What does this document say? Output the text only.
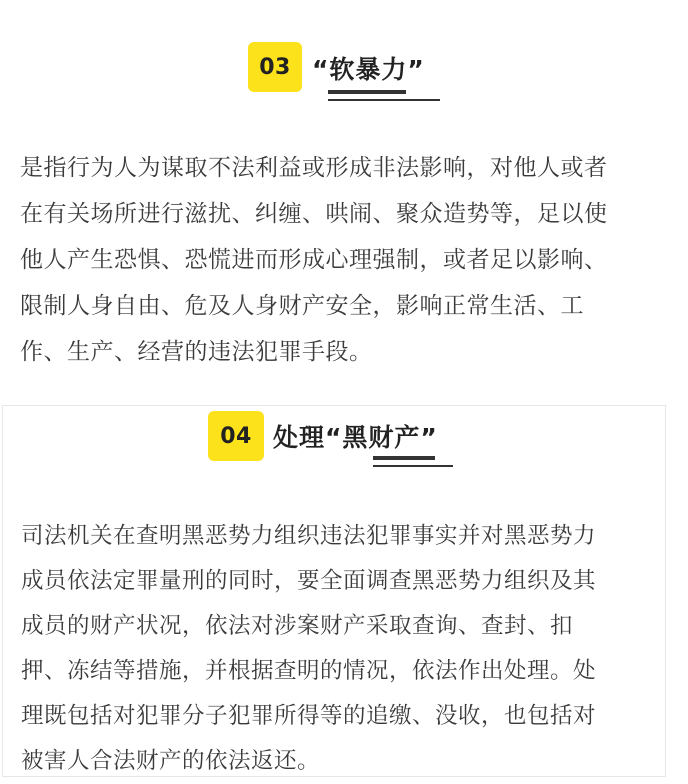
03 “软暴力”
是指行为人为谋取不法利益或形成非法影响，对他人或者
在有关场所进行滋扰、纠缠、哄闹、聚众造势等，足以使
他人产生恐惧、恐慌进而形成心理强制，或者足以影响、
限制人身自由、危及人身财产安全，影响正常生活、工
作、生产、经营的违法犯罪手段。
04 处理“黑财产”
司法机关在查明黑恶势力组织违法犯罪事实并对黑恶势力
成员依法定罪量刑的同时，要全面调查黑恶势力组织及其
成员的财产状况，依法对涉案财产采取查询、查封、扣
押、冻结等措施，并根据查明的情况，依法作出处理。处
理既包括对犯罪分子犯罪所得等的追缴、没收，也包括对
被害人合法财产的依法返还。
